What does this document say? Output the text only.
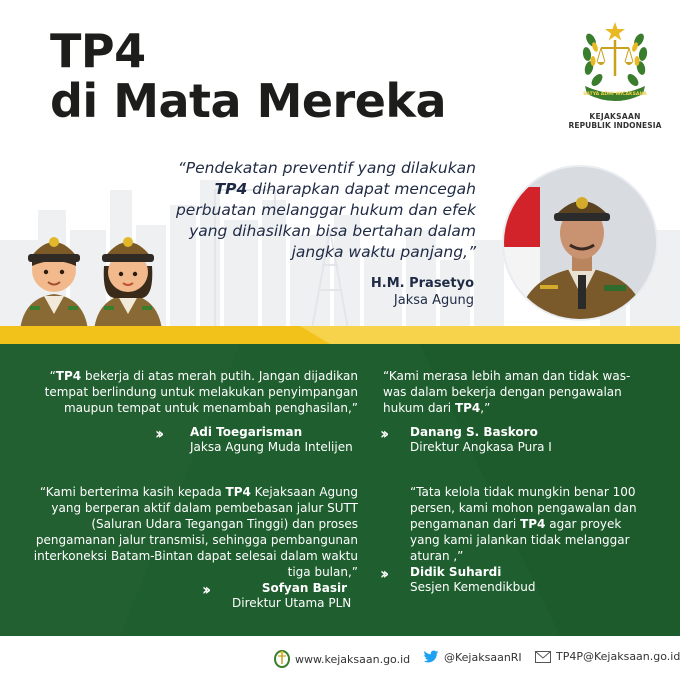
TP4
di Mata Mereka	SATYA ADHI WICAKSANA
KEJAKSAAN
REPUBLIK INDONESIA
“Pendekatan preventif yang dilakukan TP4 diharapkan dapat mencegah perbuatan melanggar hukum dan efek yang dihasilkan bisa bertahan dalam jangka waktu panjang,”
H.M. Prasetyo
Jaksa Agung
“TP4 bekerja di atas merah putih. Jangan dijadikan tempat berlindung untuk melakukan penyimpangan maupun tempat untuk menambah penghasilan,”
›› Adi Toegarisman
Jaksa Agung Muda Intelijen
“Kami merasa lebih aman dan tidak was-was dalam bekerja dengan pengawalan hukum dari TP4,”
›› Danang S. Baskoro
Direktur Angkasa Pura I
“Kami berterima kasih kepada TP4 Kejaksaan Agung yang berperan aktif dalam pembebasan jalur SUTT (Saluran Udara Tegangan Tinggi) dan proses pengamanan jalur transmisi, sehingga pembangunan interkoneksi Batam-Bintan dapat selesai dalam waktu tiga bulan,”
››	Sofyan Basir
Direktur Utama PLN
“Tata kelola tidak mungkin benar 100 persen, kami mohon pengawalan dan pengamanan dari TP4 agar proyek yang kami jalankan tidak melanggar aturan ,”
›› Didik Suhardi
Sesjen Kemendikbud
www.kejaksaan.go.id	@KejaksaanRI	TP4P@Kejaksaan.go.id
